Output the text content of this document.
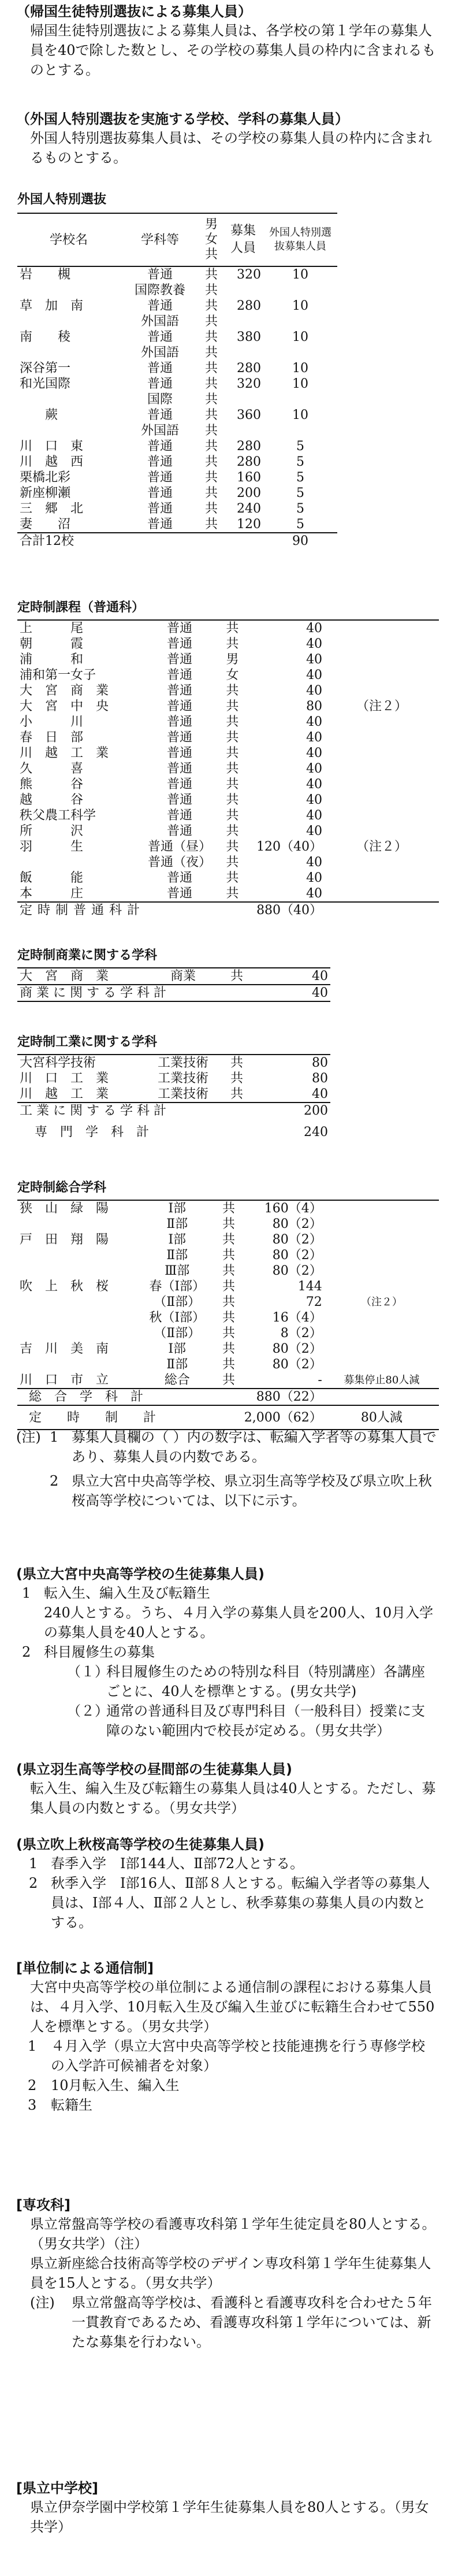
（帰国生徒特別選抜による募集人員）
帰国生徒特別選抜による募集人員は、各学校の第１学年の募集人員を40で除した数とし、その学校の募集人員の枠内に含まれるものとする。
（外国人特別選抜を実施する学校、学科の募集人員）
外国人特別選抜募集人員は、その学校の募集人員の枠内に含まれるものとする。
外国人特別選抜
学校名	学科等	男女共	募集人員	外国人特別選抜募集人員
岩　　槻	普通	共	320	10
	国際教養	共		
草　加　南	普通	共	280	10
	外国語	共		
南　　稜	普通	共	380	10
	外国語	共		
深谷第一	普通	共	280	10
和光国際	普通	共	320	10
	国際	共		
　　蕨	普通	共	360	10
	外国語	共		
川　口　東	普通	共	280	5
川　越　西	普通	共	280	5
栗橋北彩	普通	共	160	5
新座柳瀬	普通	共	200	5
三　郷　北	普通	共	240	5
妻　　沼	普通	共	120	5
合計12校				90
定時制課程（普通科）
上　　　尾	普通	共	40	
朝　　　霞	普通	共	40	
浦　　　和	普通	男	40	
浦和第一女子	普通	女	40	
大　宮　商　業	普通	共	40	
大　宮　中　央	普通	共	80	（注２）
小　　　川	普通	共	40	
春　日　部	普通	共	40	
川　越　工　業	普通	共	40	
久　　　喜	普通	共	40	
熊　　　谷	普通	共	40	
越　　　谷	普通	共	40	
秩父農工科学	普通	共	40	
所　　　沢	普通	共	40	
羽　　　生	普通（昼）	共	120（40）	（注２）
	普通（夜）	共	40	
飯　　　能	普通	共	40	
本　　　庄	普通	共	40	
定 時 制 普 通 科 計			880（40）	
定時制商業に関する学科
大　宮　商　業	商業	共	40
商 業 に 関 す る 学 科 計			40
定時制工業に関する学科
大宮科学技術	工業技術	共	80
川　口　工　業	工業技術	共	80
川　越　工　業	工業技術	共	40
工 業 に 関 す る 学 科 計			200
専　門　学　科　計			240
定時制総合学科
狭　山　緑　陽	Ⅰ部	共	160（4）	
	Ⅱ部	共	80（2）	
戸　田　翔　陽	Ⅰ部	共	80（2）	
	Ⅱ部	共	80（2）	
	Ⅲ部	共	80（2）	
吹　上　秋　桜	春（Ⅰ部）	共	144	
	（Ⅱ部）	共	72	（注２）
	秋（Ⅰ部）	共	16（4）	
	（Ⅱ部）	共	8（2）	
吉　川　美　南	Ⅰ部	共	80（2）	
	Ⅱ部	共	80（2）	
川　口　市　立	総合	共	-	募集停止80人減
総　合　学　科　計			880（22）	
定　　時　　制　　計			2,000（62）	80人減
(注) 1 募集人員欄の（ ）内の数字は、転編入学者等の募集人員であり、募集人員の内数である。
2 県立大宮中央高等学校、県立羽生高等学校及び県立吹上秋桜高等学校については、以下に示す。
(県立大宮中央高等学校の生徒募集人員)
1 転入生、編入生及び転籍生
240人とする。うち、４月入学の募集人員を200人、10月入学の募集人員を40人とする。
2 科目履修生の募集
（１）
科目履修生のための特別な科目（特別講座）各講座ごとに、40人を標準とする。(男女共学)
（２）
通常の普通科目及び専門科目（一般科目）授業に支障のない範囲内で校長が定める。（男女共学）
(県立羽生高等学校の昼間部の生徒募集人員)
転入生、編入生及び転籍生の募集人員は40人とする。ただし、募集人員の内数とする。（男女共学）
(県立吹上秋桜高等学校の生徒募集人員)
1 春季入学　Ⅰ部144人、Ⅱ部72人とする。
2 秋季入学　Ⅰ部16人、Ⅱ部８人とする。転編入学者等の募集人員は、Ⅰ部４人、Ⅱ部２人とし、秋季募集の募集人員の内数とする。
[単位制による通信制]
大宮中央高等学校の単位制による通信制の課程における募集人員は、４月入学、10月転入生及び編入生並びに転籍生合わせて550人を標準とする。（男女共学）
1 ４月入学（県立大宮中央高等学校と技能連携を行う専修学校の入学許可候補者を対象）
2 10月転入生、編入生
3 転籍生
[専攻科]
県立常盤高等学校の看護専攻科第１学年生徒定員を80人とする。（男女共学）（注）
県立新座総合技術高等学校のデザイン専攻科第１学年生徒募集人員を15人とする。（男女共学）
(注) 県立常盤高等学校は、看護科と看護専攻科を合わせた５年一貫教育であるため、看護専攻科第１学年については、新たな募集を行わない。
[県立中学校]
県立伊奈学園中学校第１学年生徒募集人員を80人とする。（男女共学）
